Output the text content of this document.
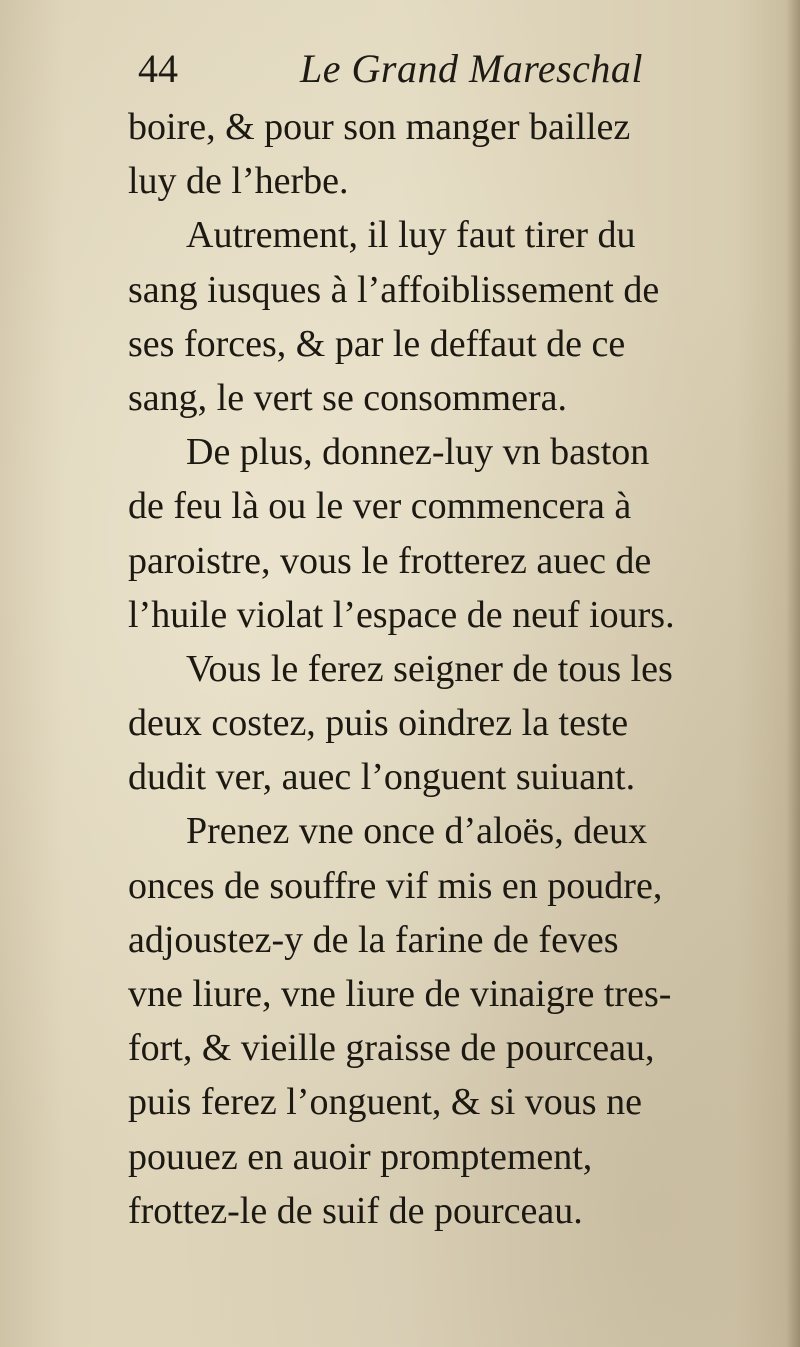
44	Le Grand Mareschal
boire, & pour son manger baillez
luy de l’herbe.
Autrement, il luy faut tirer du
sang iusques à l’affoiblissement de
ses forces, & par le deffaut de ce
sang, le vert se consommera.
De plus, donnez-luy vn baston
de feu là ou le ver commencera à
paroistre, vous le frotterez auec de
l’huile violat l’espace de neuf iours.
Vous le ferez seigner de tous les
deux costez, puis oindrez la teste
dudit ver, auec l’onguent suiuant.
Prenez vne once d’aloës, deux
onces de souffre vif mis en poudre,
adjoustez-y de la farine de feves
vne liure, vne liure de vinaigre tres-
fort, & vieille graisse de pourceau,
puis ferez l’onguent, & si vous ne
pouuez en auoir promptement,
frottez-le de suif de pourceau.
